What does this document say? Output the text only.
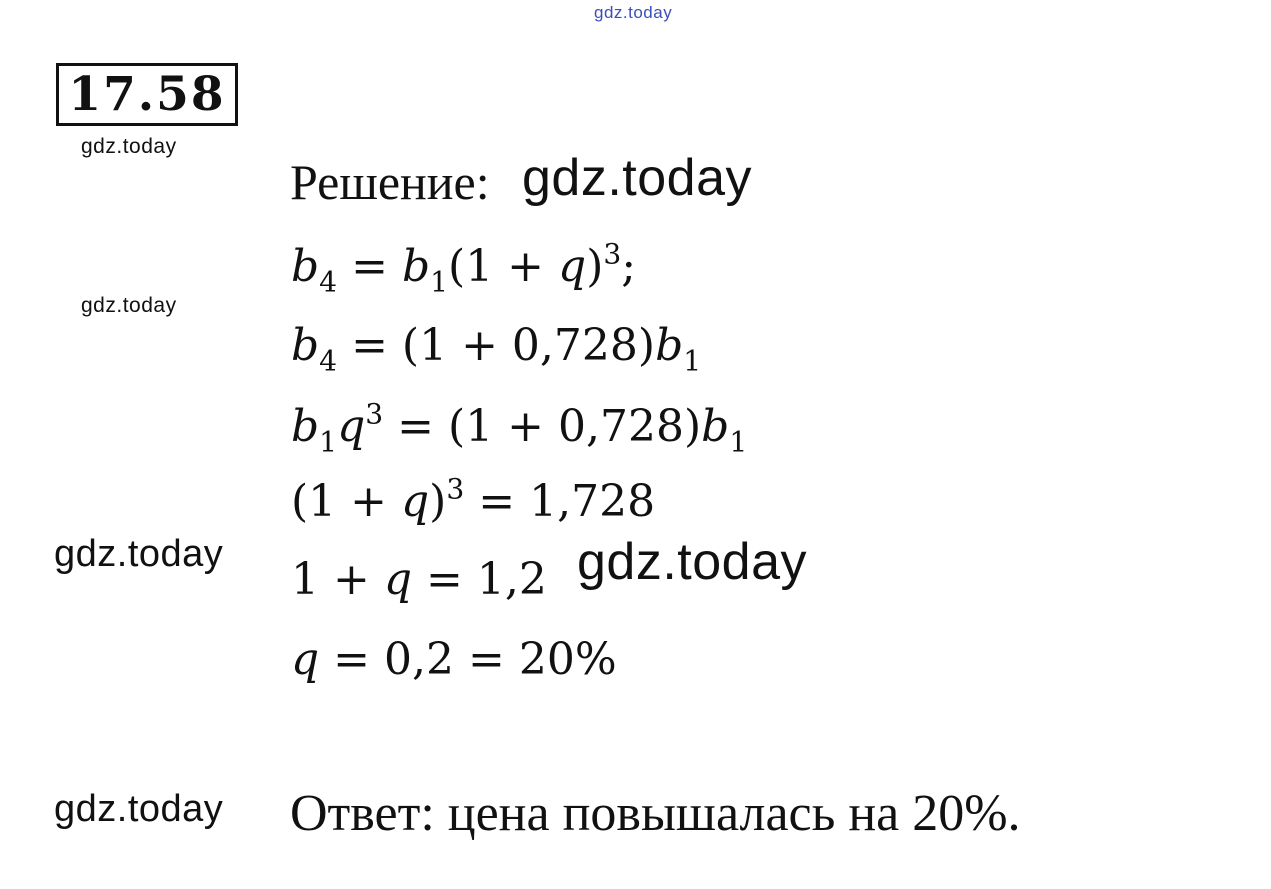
gdz.today
17.58
gdz.today
gdz.today
gdz.today
gdz.today
Решение: gdz.today
$b_4 = b_1(1 + q)^3$;
$b_4 = (1 + 0,728)b_1$
$b_1q^3 = (1 + 0,728)b_1$
$(1 + q)^3 = 1,728$
1 + q = 1,2
q = 0,2 = 20%
gdz.today
Ответ: цена повышалась на 20%.
